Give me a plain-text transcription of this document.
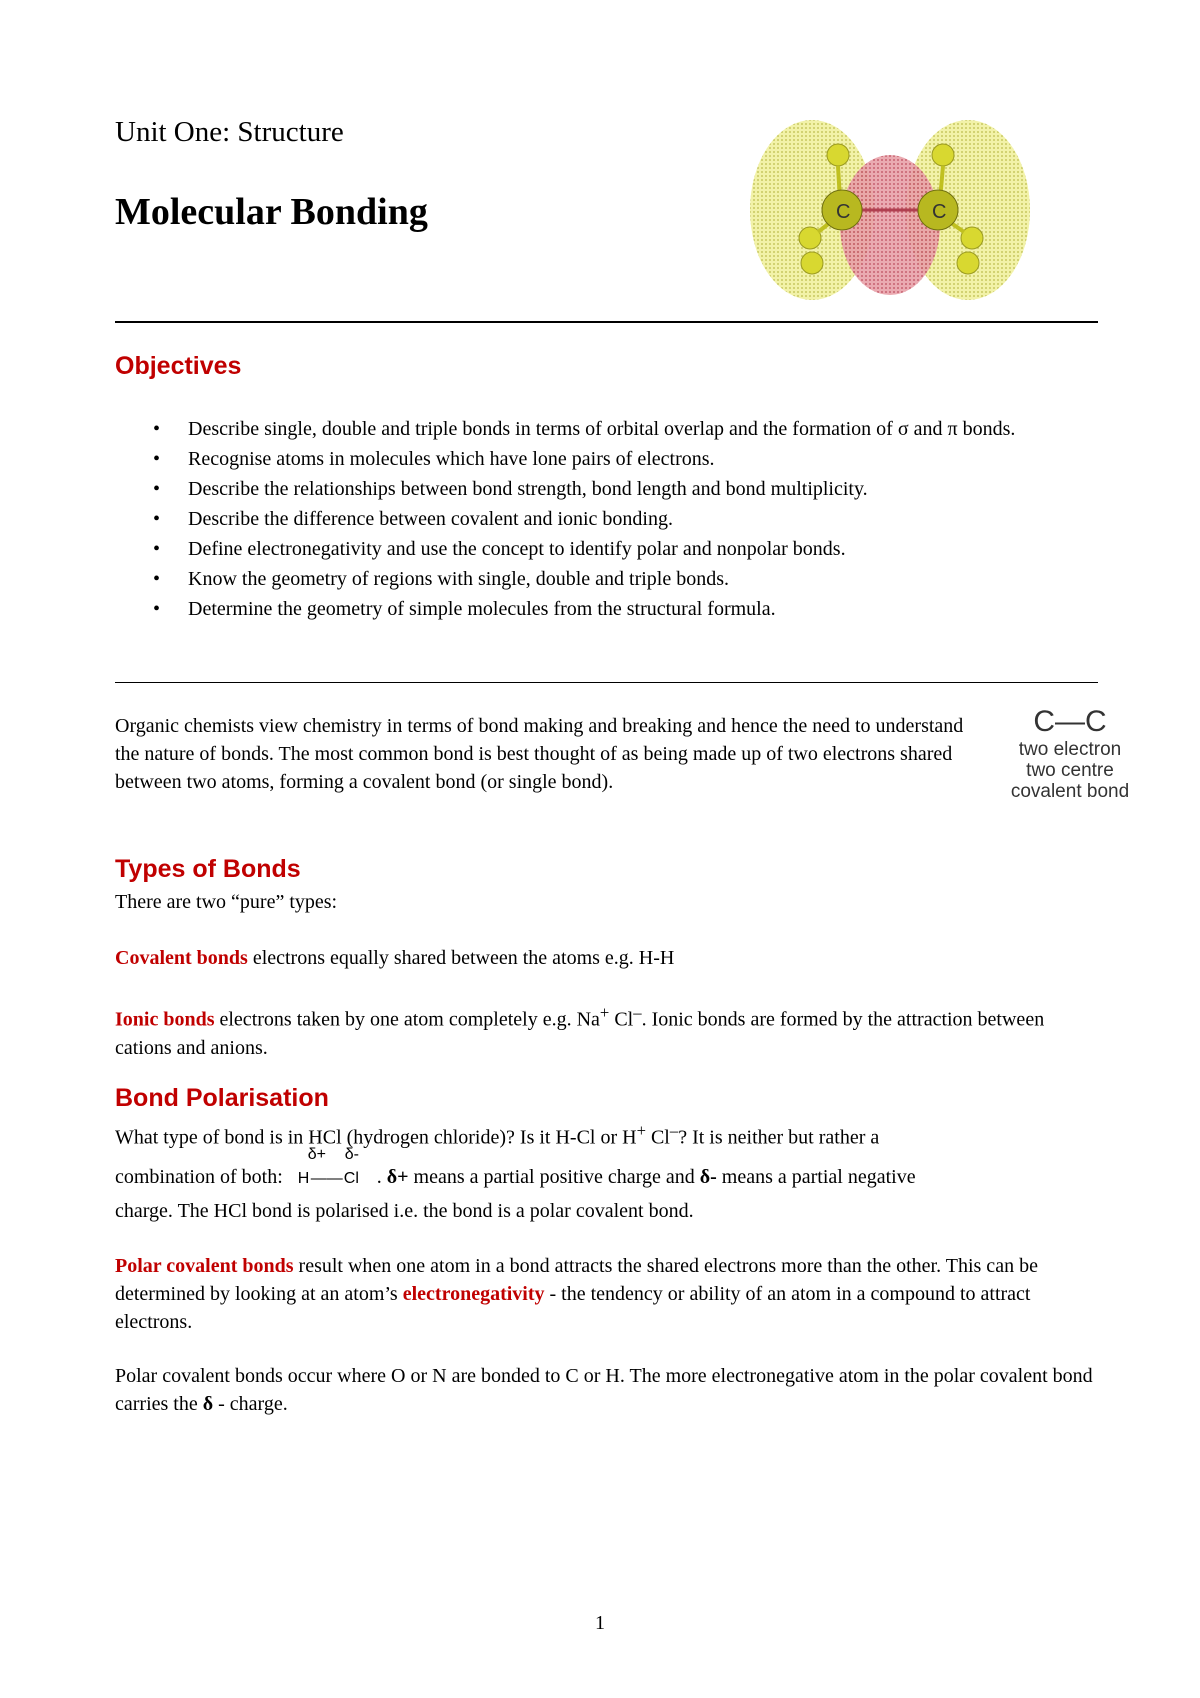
Unit One: Structure
Molecular Bonding	C	C
Objectives
• Describe single, double and triple bonds in terms of orbital overlap and the formation of σ and π bonds.
• Recognise atoms in molecules which have lone pairs of electrons.
• Describe the relationships between bond strength, bond length and bond multiplicity.
• Describe the difference between covalent and ionic bonding.
• Define electronegativity and use the concept to identify polar and nonpolar bonds.
• Know the geometry of regions with single, double and triple bonds.
• Determine the geometry of simple molecules from the structural formula.
Organic chemists view chemistry in terms of bond making and breaking and hence the need to understand the nature of bonds. The most common bond is best thought of as being made up of two electrons shared between two atoms, forming a covalent bond (or single bond).
C—C
two electron
two centre
covalent bond
Types of Bonds
There are two “pure” types:
Covalent bonds electrons equally shared between the atoms e.g. H-H
Ionic bonds electrons taken by one atom completely e.g. Na+ Cl–. Ionic bonds are formed by the attraction between cations and anions.
Bond Polarisation
What type of bond is in HCl (hydrogen chloride)? Is it H-Cl or H+ Cl–? It is neither but rather a
combination of both:
δ+ δ-
H —— Cl . δ+ means a partial positive charge and δ- means a partial negative
charge. The HCl bond is polarised i.e. the bond is a polar covalent bond.
Polar covalent bonds result when one atom in a bond attracts the shared electrons more than the other. This can be determined by looking at an atom’s electronegativity - the tendency or ability of an atom in a compound to attract electrons.
Polar covalent bonds occur where O or N are bonded to C or H. The more electronegative atom in the polar covalent bond carries the δ - charge.
1
